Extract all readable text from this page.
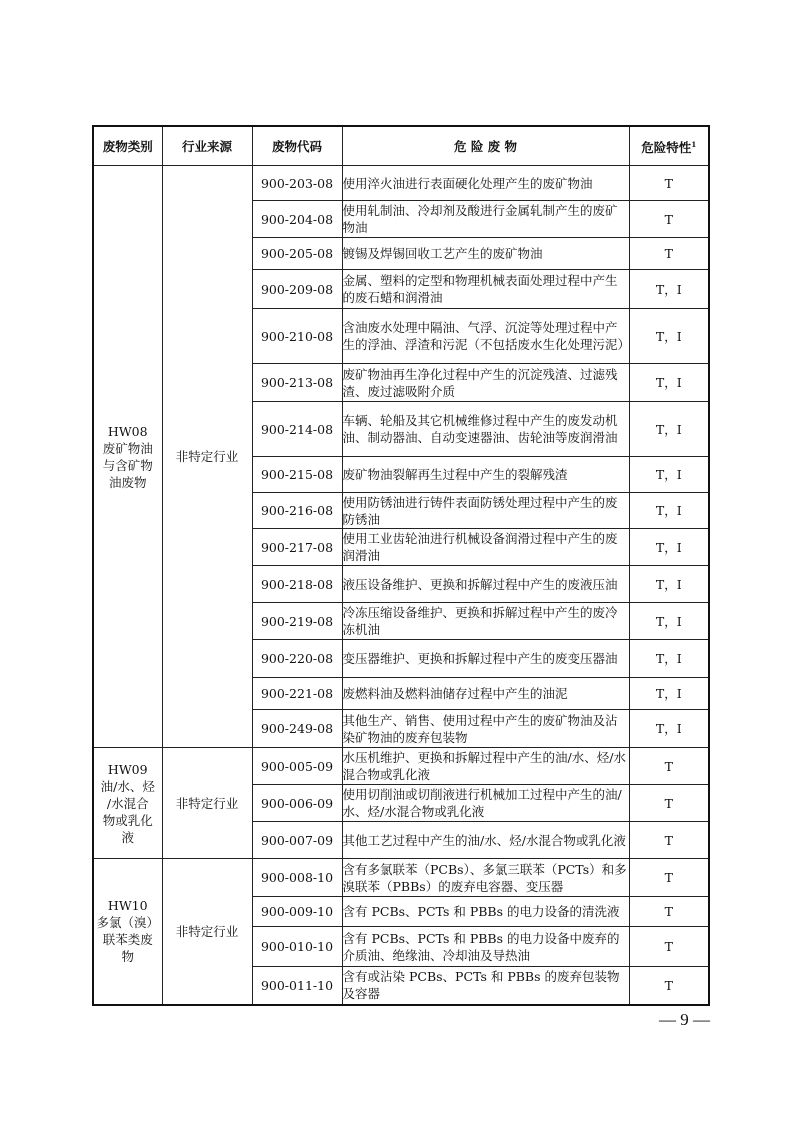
废物类别	行业来源	废物代码	危 险 废 物	危险特性$^1$
HW08
废矿物油
与含矿物
油废物	非特定行业	900-203-08	使用淬火油进行表面硬化处理产生的废矿物油	T
		900-204-08	使用轧制油、冷却剂及酸进行金属轧制产生的废矿物油	T
		900-205-08	镀锡及焊锡回收工艺产生的废矿物油	T
		900-209-08	金属、塑料的定型和物理机械表面处理过程中产生的废石蜡和润滑油	T，I
		900-210-08	含油废水处理中隔油、气浮、沉淀等处理过程中产生的浮油、浮渣和污泥（不包括废水生化处理污泥）	T，I
		900-213-08	废矿物油再生净化过程中产生的沉淀残渣、过滤残渣、废过滤吸附介质	T，I
		900-214-08	车辆、轮船及其它机械维修过程中产生的废发动机油、制动器油、自动变速器油、齿轮油等废润滑油	T，I
		900-215-08	废矿物油裂解再生过程中产生的裂解残渣	T，I
		900-216-08	使用防锈油进行铸件表面防锈处理过程中产生的废防锈油	T，I
		900-217-08	使用工业齿轮油进行机械设备润滑过程中产生的废润滑油	T，I
		900-218-08	液压设备维护、更换和拆解过程中产生的废液压油	T，I
		900-219-08	冷冻压缩设备维护、更换和拆解过程中产生的废冷冻机油	T，I
		900-220-08	变压器维护、更换和拆解过程中产生的废变压器油	T，I
		900-221-08	废燃料油及燃料油储存过程中产生的油泥	T，I
		900-249-08	其他生产、销售、使用过程中产生的废矿物油及沾染矿物油的废弃包装物	T，I
HW09
油/水、烃
/水混合
物或乳化
液	非特定行业	900-005-09	水压机维护、更换和拆解过程中产生的油/水、烃/水混合物或乳化液	T
		900-006-09	使用切削油或切削液进行机械加工过程中产生的油/水、烃/水混合物或乳化液	T
		900-007-09	其他工艺过程中产生的油/水、烃/水混合物或乳化液	T
HW10
多氯（溴）
联苯类废
物	非特定行业	900-008-10	含有多氯联苯（PCBs）、多氯三联苯（PCTs）和多溴联苯（PBBs）的废弃电容器、变压器	T
		900-009-10	含有 PCBs、PCTs 和 PBBs 的电力设备的清洗液	T
		900-010-10	含有 PCBs、PCTs 和 PBBs 的电力设备中废弃的介质油、绝缘油、冷却油及导热油	T
		900-011-10	含有或沾染 PCBs、PCTs 和 PBBs 的废弃包装物及容器	T
— 9 —
